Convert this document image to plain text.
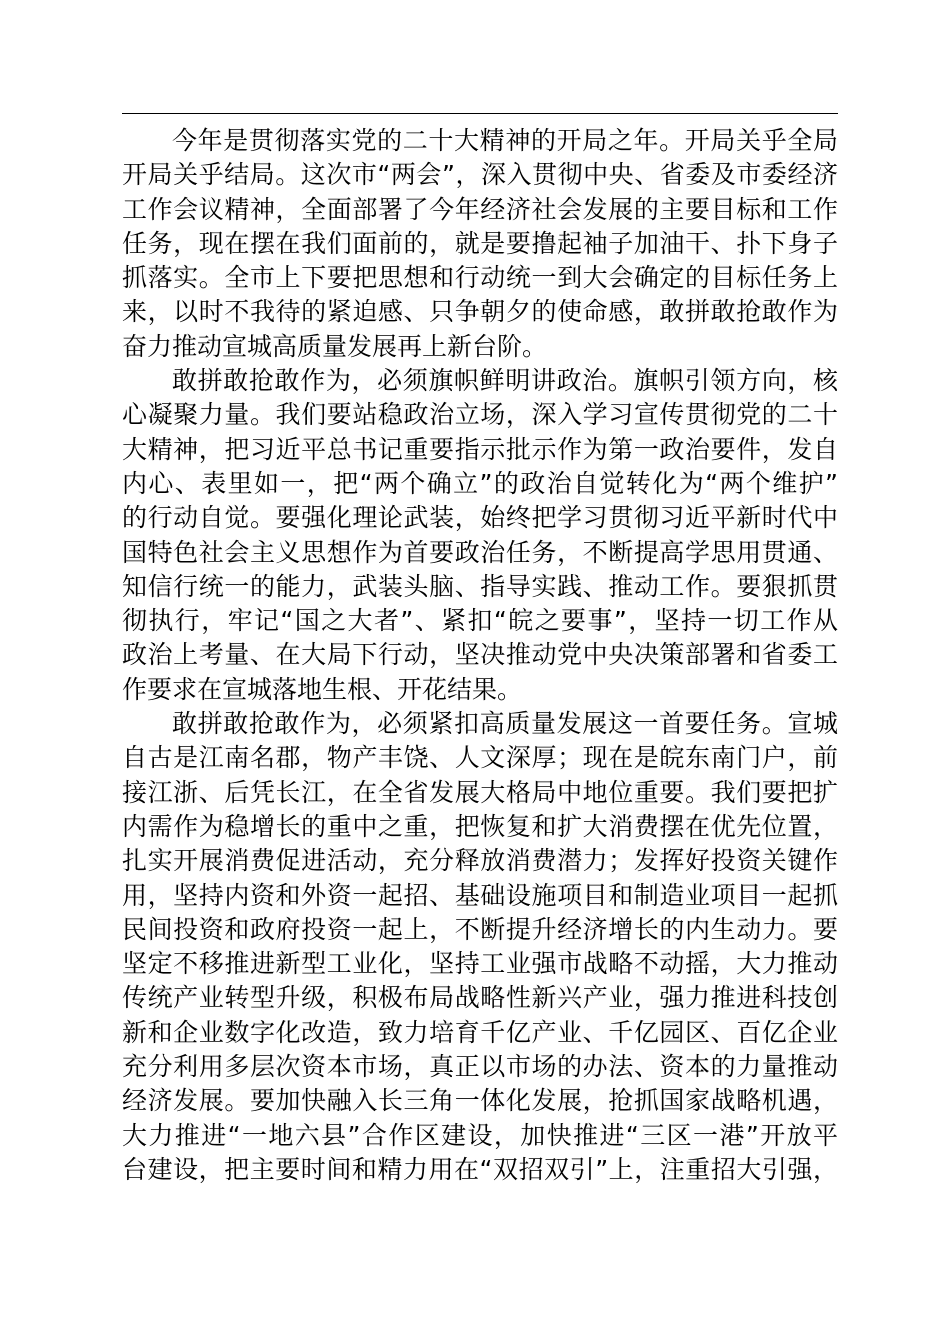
今年是贯彻落实党的二十大精神的开局之年。开局关乎全局
开局关乎结局。这次市“两会”，深入贯彻中央、省委及市委经济
工作会议精神，全面部署了今年经济社会发展的主要目标和工作
任务，现在摆在我们面前的，就是要撸起袖子加油干、扑下身子
抓落实。全市上下要把思想和行动统一到大会确定的目标任务上
来，以时不我待的紧迫感、只争朝夕的使命感，敢拼敢抢敢作为
奋力推动宣城高质量发展再上新台阶。
敢拼敢抢敢作为，必须旗帜鲜明讲政治。旗帜引领方向，核
心凝聚力量。我们要站稳政治立场，深入学习宣传贯彻党的二十
大精神，把习近平总书记重要指示批示作为第一政治要件，发自
内心、表里如一，把“两个确立”的政治自觉转化为“两个维护”
的行动自觉。要强化理论武装，始终把学习贯彻习近平新时代中
国特色社会主义思想作为首要政治任务，不断提高学思用贯通、
知信行统一的能力，武装头脑、指导实践、推动工作。要狠抓贯
彻执行，牢记“国之大者”、紧扣“皖之要事”，坚持一切工作从
政治上考量、在大局下行动，坚决推动党中央决策部署和省委工
作要求在宣城落地生根、开花结果。
敢拼敢抢敢作为，必须紧扣高质量发展这一首要任务。宣城
自古是江南名郡，物产丰饶、人文深厚；现在是皖东南门户，前
接江浙、后凭长江，在全省发展大格局中地位重要。我们要把扩
内需作为稳增长的重中之重，把恢复和扩大消费摆在优先位置，
扎实开展消费促进活动，充分释放消费潜力；发挥好投资关键作
用，坚持内资和外资一起招、基础设施项目和制造业项目一起抓
民间投资和政府投资一起上，不断提升经济增长的内生动力。要
坚定不移推进新型工业化，坚持工业强市战略不动摇，大力推动
传统产业转型升级，积极布局战略性新兴产业，强力推进科技创
新和企业数字化改造，致力培育千亿产业、千亿园区、百亿企业
充分利用多层次资本市场，真正以市场的办法、资本的力量推动
经济发展。要加快融入长三角一体化发展，抢抓国家战略机遇，
大力推进“一地六县”合作区建设，加快推进“三区一港”开放平
台建设，把主要时间和精力用在“双招双引”上，注重招大引强，
